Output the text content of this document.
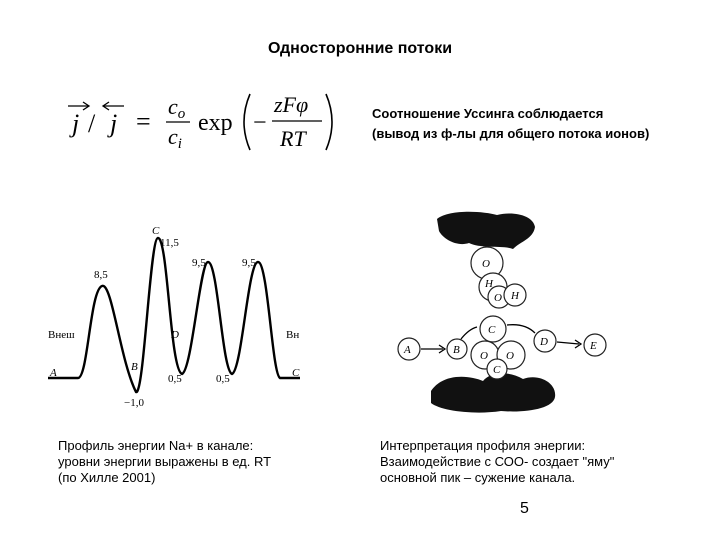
Односторонние потоки
j / j =
co
ci
exp −
zFφ
RT
Соотношение Уссинга соблюдается
(вывод из ф-лы для общего потока ионов)
C
11,5
8,5
9,5	9,5
Внеш	Вн
A	C
B
D
0,5	0,5
−1,0
Профиль энергии Na+ в канале:
уровни энергии выражены в ед. RT
(по Хилле 2001)
O
H
O H
C
A	B O O
D	E
C
Интерпретация профиля энергии:
Взаимодействие с СОО- создает "яму"
основной пик – сужение канала.
5
